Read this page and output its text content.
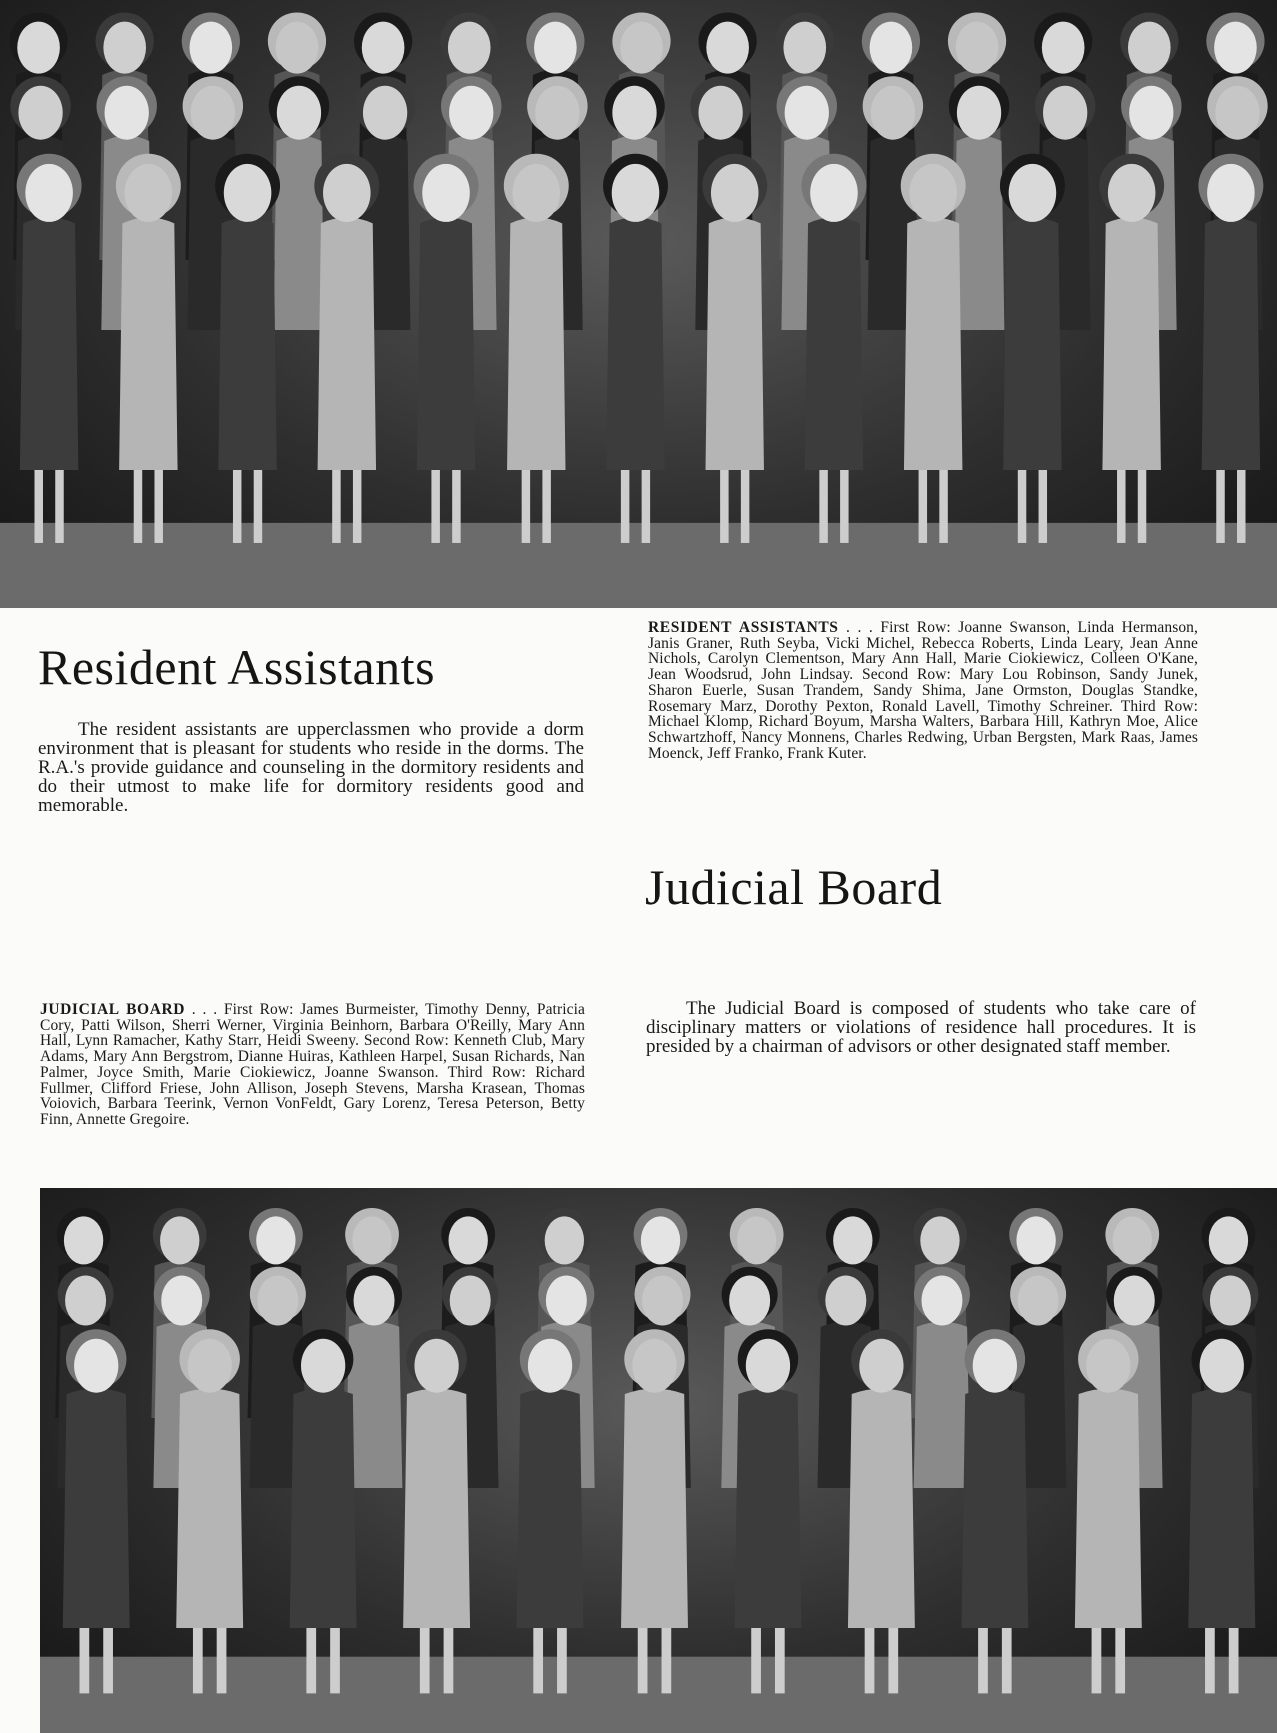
Resident Assistants

The resident assistants are upperclassmen who provide a dorm environment that is pleasant for students who reside in the dorms. The R.A.'s provide guidance and counseling in the dormitory residents and do their utmost to make life for dormitory residents good and memorable.

RESIDENT ASSISTANTS . . . First Row: Joanne Swanson, Linda Hermanson, Janis Graner, Ruth Seyba, Vicki Michel, Rebecca Roberts, Linda Leary, Jean Anne Nichols, Carolyn Clementson, Mary Ann Hall, Marie Ciokiewicz, Colleen O'Kane, Jean Woodsrud, John Lindsay. Second Row: Mary Lou Robinson, Sandy Junek, Sharon Euerle, Susan Trandem, Sandy Shima, Jane Ormston, Douglas Standke, Rosemary Marz, Dorothy Pexton, Ronald Lavell, Timothy Schreiner. Third Row: Michael Klomp, Richard Boyum, Marsha Walters, Barbara Hill, Kathryn Moe, Alice Schwartzhoff, Nancy Monnens, Charles Redwing, Urban Bergsten, Mark Raas, James Moenck, Jeff Franko, Frank Kuter.

Judicial Board

JUDICIAL BOARD . . . First Row: James Burmeister, Timothy Denny, Patricia Cory, Patti Wilson, Sherri Werner, Virginia Beinhorn, Barbara O'Reilly, Mary Ann Hall, Lynn Ramacher, Kathy Starr, Heidi Sweeny. Second Row: Kenneth Club, Mary Adams, Mary Ann Bergstrom, Dianne Huiras, Kathleen Harpel, Susan Richards, Nan Palmer, Joyce Smith, Marie Ciokiewicz, Joanne Swanson. Third Row: Richard Fullmer, Clifford Friese, John Allison, Joseph Stevens, Marsha Krasean, Thomas Voiovich, Barbara Teerink, Vernon VonFeldt, Gary Lorenz, Teresa Peterson, Betty Finn, Annette Gregoire.

The Judicial Board is composed of students who take care of disciplinary matters or violations of residence hall procedures. It is presided by a chairman of advisors or other designated staff member.
